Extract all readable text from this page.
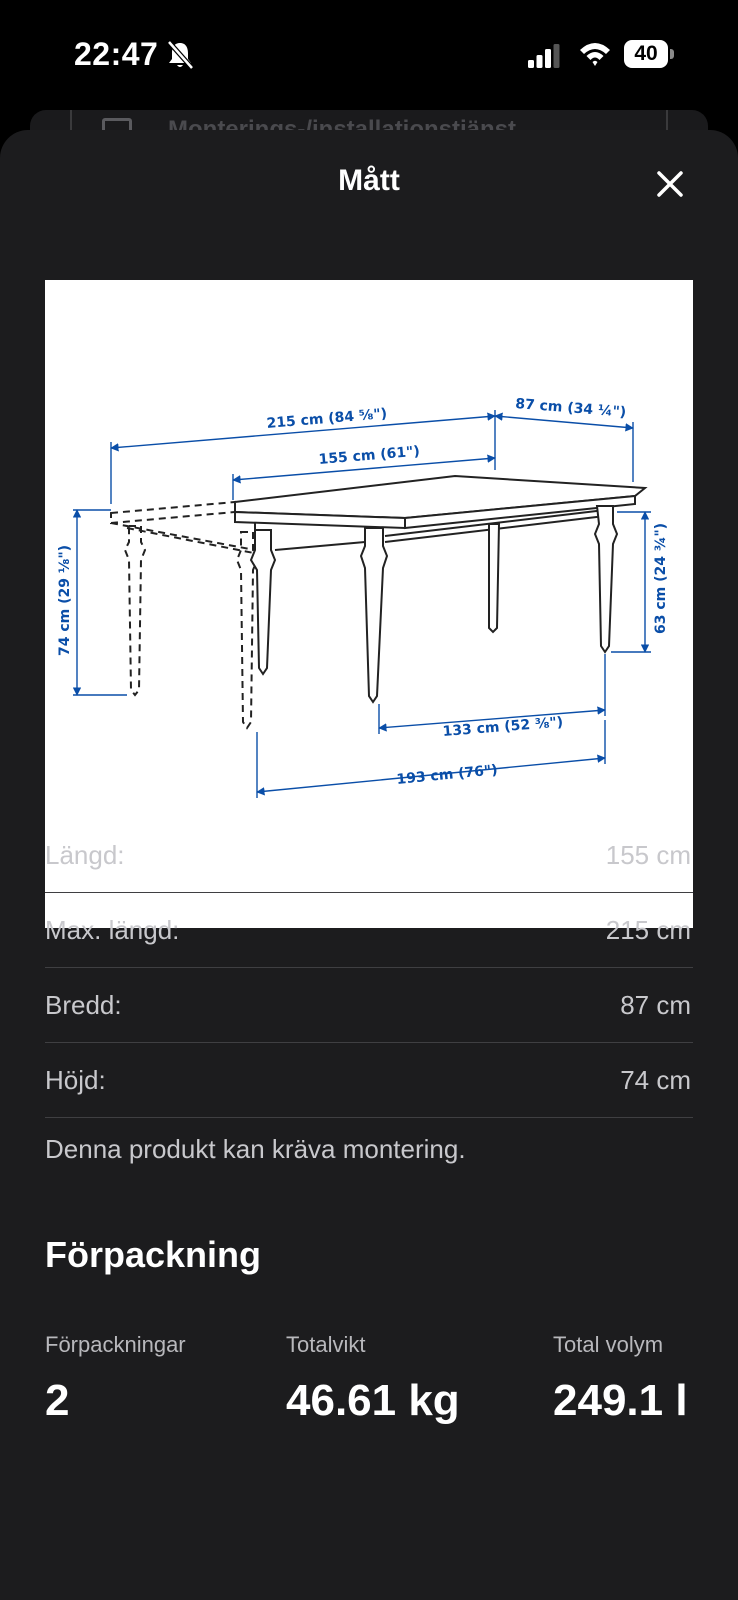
22:47	40
Mått
215 cm (84 ⅝")	87 cm (34 ¼")
155 cm (61")
74 cm (29 ⅛")	63 cm (24 ¾")
133 cm (52 ⅜")
193 cm (76")
Längd:	155 cm
Max. längd:	215 cm
Bredd:	87 cm
Höjd:	74 cm
Denna produkt kan kräva montering.
Förpackning
Förpackningar
2
Totalvikt
46.61 kg
Total volym
249.1 l
